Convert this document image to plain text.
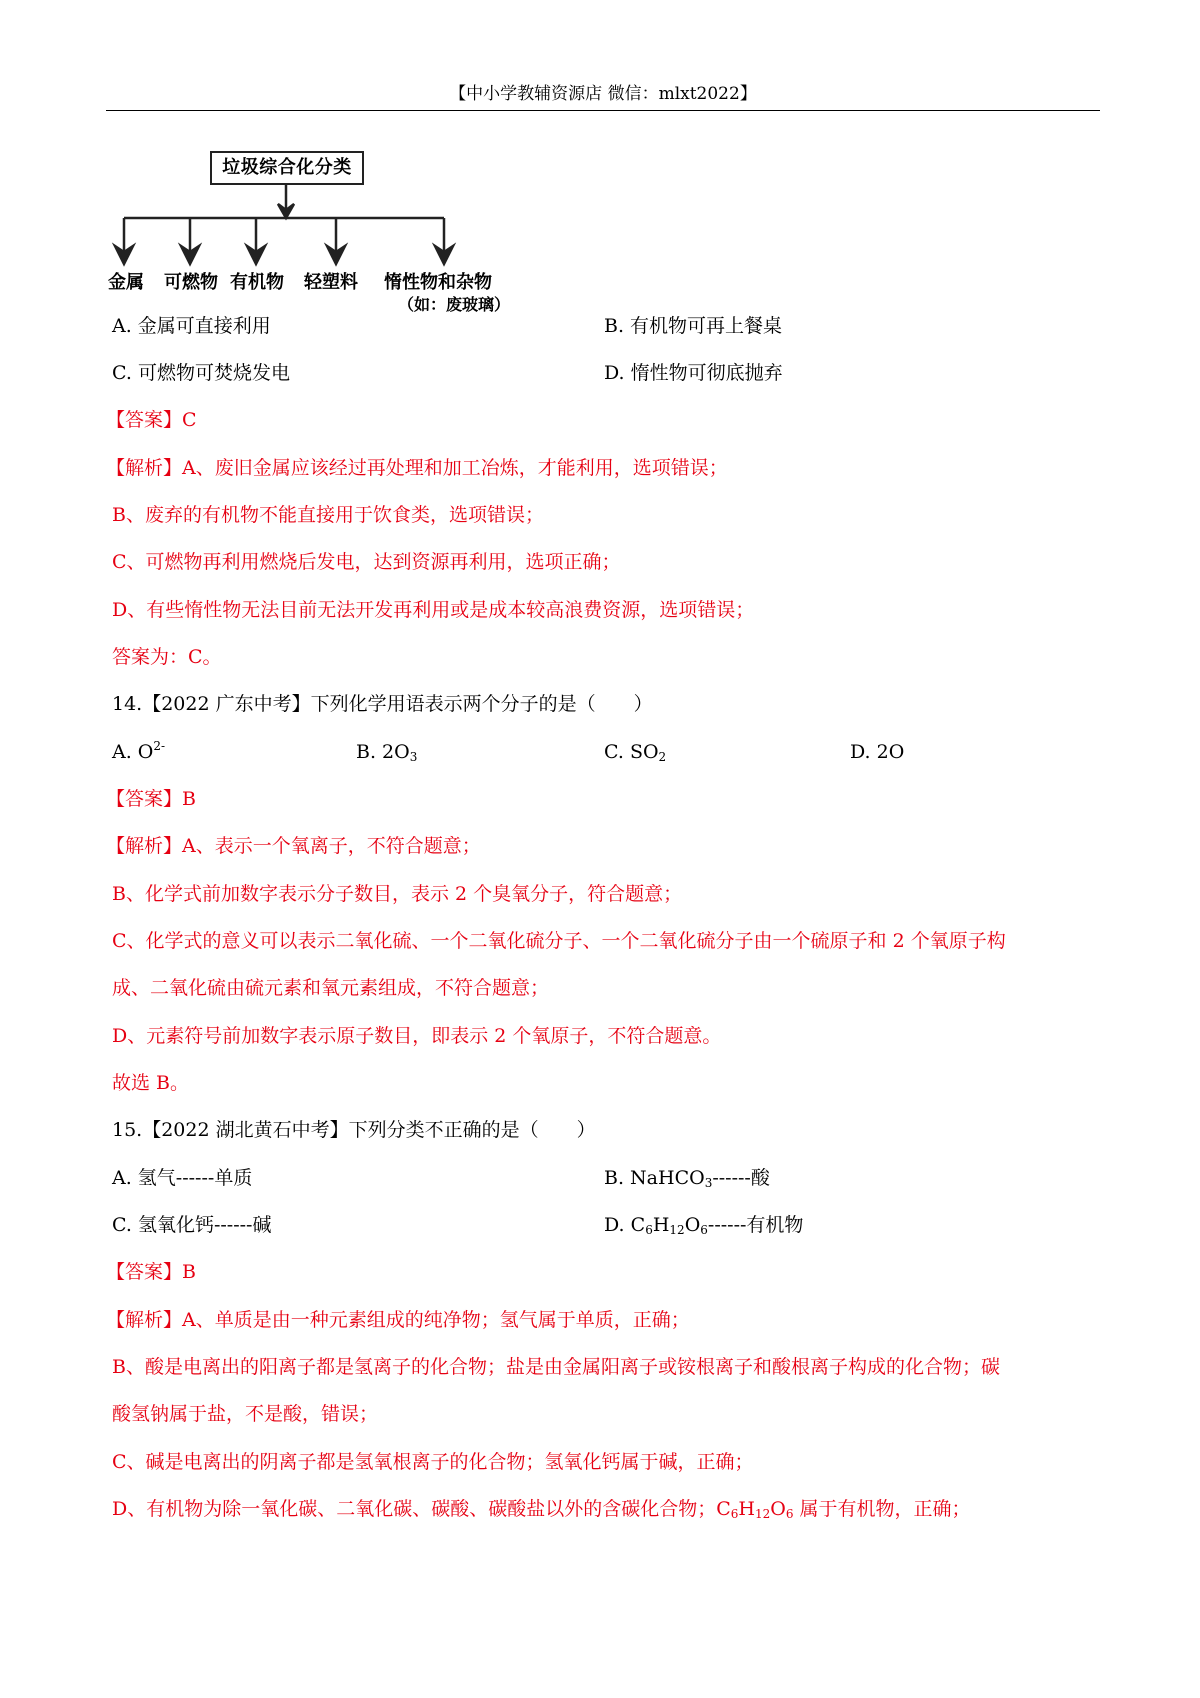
【中小学教辅资源店 微信：mlxt2022】
垃圾综合化分类
金属 可燃物 有机物 轻塑料 惰性物和杂物
（如：废玻璃）
A. 金属可直接利用	B. 有机物可再上餐桌
C. 可燃物可焚烧发电	D. 惰性物可彻底抛弃
【答案】C
【解析】A、废旧金属应该经过再处理和加工冶炼，才能利用，选项错误；
B、废弃的有机物不能直接用于饮食类，选项错误；
C、可燃物再利用燃烧后发电，达到资源再利用，选项正确；
D、有些惰性物无法目前无法开发再利用或是成本较高浪费资源，选项错误；
答案为：C。
14.【2022 广东中考】下列化学用语表示两个分子的是（　　）
A. $O^{2-}$	B. $2O_3$	C. $SO_2$	D. 2O
【答案】B
【解析】A、表示一个氧离子，不符合题意；
B、化学式前加数字表示分子数目，表示 2 个臭氧分子，符合题意；
C、化学式的意义可以表示二氧化硫、一个二氧化硫分子、一个二氧化硫分子由一个硫原子和 2 个氧原子构
成、二氧化硫由硫元素和氧元素组成，不符合题意；
D、元素符号前加数字表示原子数目，即表示 2 个氧原子，不符合题意。
故选 B。
15.【2022 湖北黄石中考】下列分类不正确的是（　　）
A. 氢气------单质	B. NaHCO$_3$------酸
C. 氢氧化钙------碱	D. $C_6H_{12}O_6------$有机物
【答案】B
【解析】A、单质是由一种元素组成的纯净物；氢气属于单质，正确；
B、酸是电离出的阳离子都是氢离子的化合物；盐是由金属阳离子或铵根离子和酸根离子构成的化合物；碳
酸氢钠属于盐，不是酸，错误；
C、碱是电离出的阴离子都是氢氧根离子的化合物；氢氧化钙属于碱，正确；
D、有机物为除一氧化碳、二氧化碳、碳酸、碳酸盐以外的含碳化合物；$C_6H_{12}O_6$ 属于有机物，正确；
